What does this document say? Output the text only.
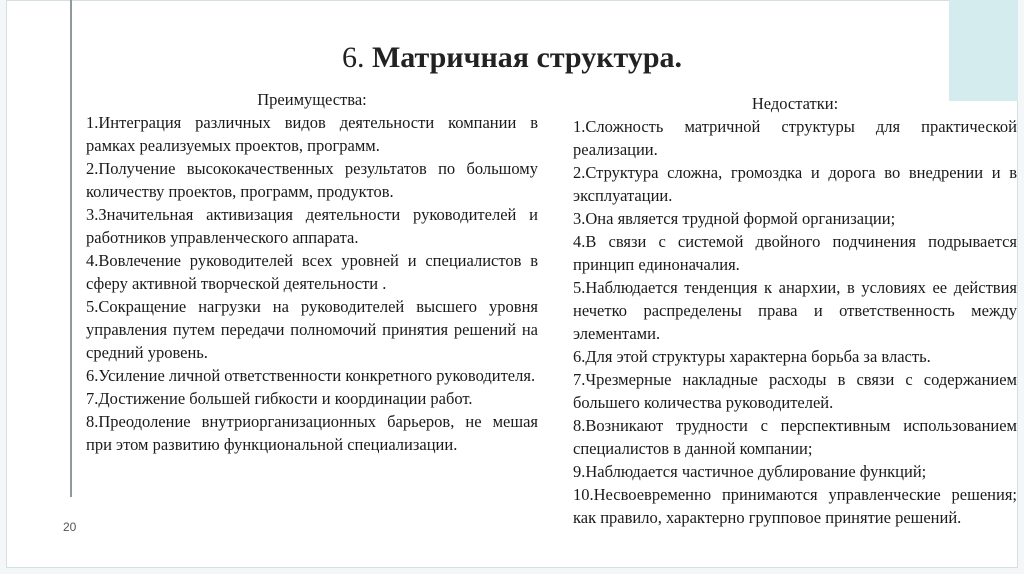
6. Матричная структура.
Преимущества:

1.Интеграция различных видов деятельности компании в рамках реализуемых проектов, программ.

2.Получение высококачественных результатов по большому количеству проектов, программ, продуктов.

3.Значительная активизация деятельности руководителей и работников управленческого аппарата.

4.Вовлечение руководителей всех уровней и специалистов в сферу активной творческой деятельности .

5.Сокращение нагрузки на руководителей высшего уровня управления путем передачи полномочий принятия решений на средний уровень.

6.Усиление личной ответственности конкретного руководителя.

7.Достижение большей гибкости и координации работ.

8.Преодоление внутриорганизационных барьеров, не мешая при этом развитию функциональной специализации.

Недостатки:

1.Сложность матричной структуры для практической реализации.

2.Структура сложна, громоздка и дорога во внедрении и в эксплуатации.

3.Она является трудной формой организации;

4.В связи с системой двойного подчинения подрывается принцип единоначалия.

5.Наблюдается тенденция к анархии, в условиях ее действия нечетко распределены права и ответственность между элементами.

6.Для этой структуры характерна борьба за власть.

7.Чрезмерные накладные расходы в связи с содержанием большего количества руководителей.

8.Возникают трудности с перспективным использованием специалистов в данной компании;

9.Наблюдается частичное дублирование функций;

10.Несвоевременно принимаются управленческие решения; как правило, характерно групповое принятие решений.

20
